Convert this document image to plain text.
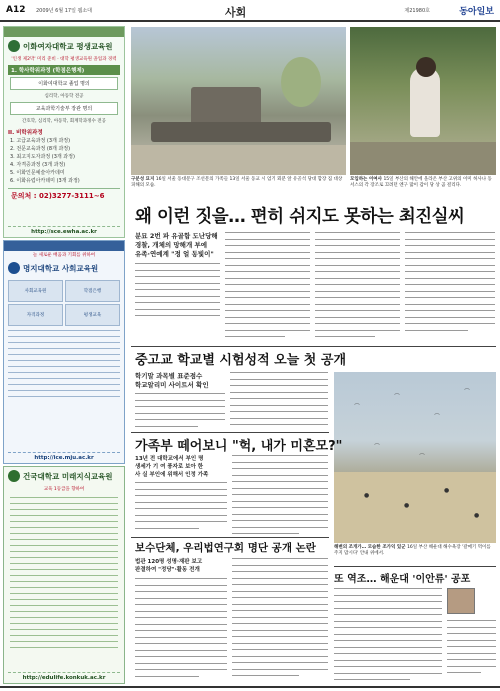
A12 2009년 6월 17일 웹소대	사회	제21980호	동아일보
이화여자대학교 평생교육원
'인생 제2막' 미리 준비 · 대학 평생교육원 졸업과 경력
1. 학사학위과정 (학점은행제)
이화여대학교 졸업 명의
심리학, 아동학 전공
교육과학기술부 장관 명의
간호학, 심리학, 아동학, 회계학과정수 전공
II. 비학위과정
1. 고급교육과정 (3개 과정)
2. 전문교육과정 (8개 과정)
3. 최고지도자과정 (3개 과정)
4. 자격증과정 (3개 과정)
5. 이화인문예술아카데미
6. 이화유럽아카데미 (3개 과정)
문의처 : 02)3277-3111~6
http://sce.ewha.ac.kr
늘 새로운 배움과 기회를 위하여
명지대학교 사회교육원
사회교육원	학점은행
자격과정	평생교육
http://ice.mju.ac.kr
건국대학교 미래지식교육원
교육 1등급을 향하여
http://edulife.konkuk.ac.kr
구분성 묘지 16일 서울 동대문구 조선문의 가족들 13일 서울 동교 시 엄기 뫼분 앞 유골석 당대 합장 집 대상 피해의 모습.
모입하는 이여사 15일 부산의 해안에 올라온 부산 고위의 이미 허사나 동 서스의 각 장조로 끄려던 엔구 많이 갑이 당 상 곰 걸리다.
왜 이런 짓을… 편히 쉬지도 못하는 최진실씨
분묘 2번 파 유골함 도난당해
경찰, 개체의 망해개 부에
유족·연예계 "정 얼 동빛이"
중고교 학교별 시험성적 오늘 첫 공개
학기말 과목별 표준점수
학교알리미 사이트서 확인
⌒
⌒
⌒
⌒
⌒
⌒
●
●
●
●
가족부 떼어보니 "헉, 내가 미혼모?"
13년 전 대학교에서 부인 명
생세가 기 여 풍자로 보아 한
사 실 부인에 위해서 인정 가족
보수단체, 우리법연구회 명단 공개 논란
법관 120명 성명·재판 보고
판결하여 "정당"·활동 전개
해변의 조개가… 모습한 조가익 있군 16일 부산 해운대 해수욕장 '갈매기 먹이를 주지 맙시다' 안내 위에서.
또 역조… 해운대 '이안류' 공포
